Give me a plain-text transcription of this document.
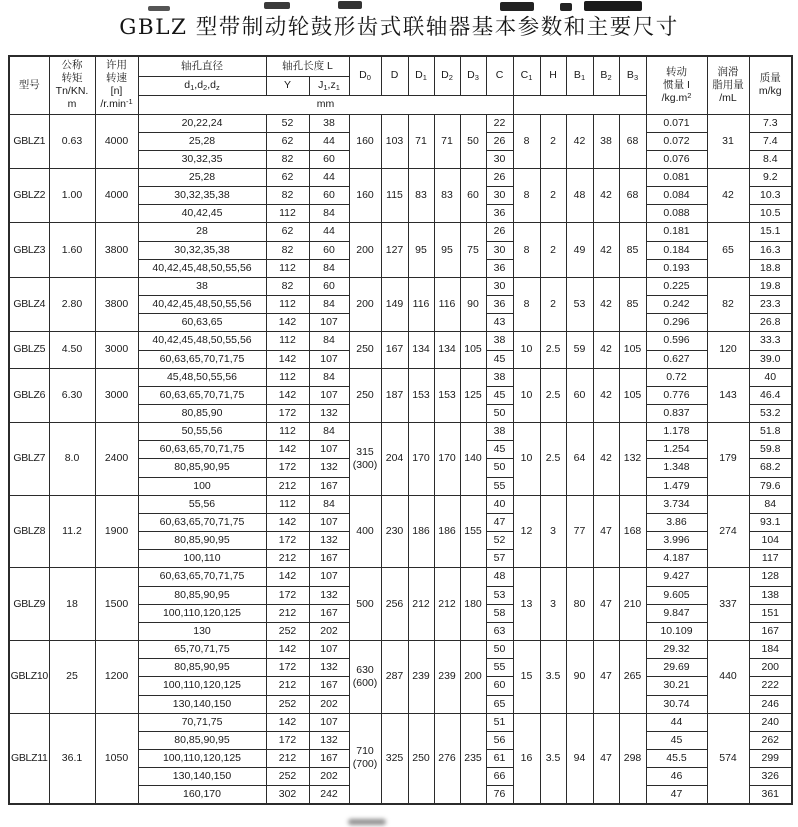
GBLZ 型带制动轮鼓形齿式联轴器基本参数和主要尺寸
型号	公称
转矩
Tn/KN.
m	许用
转速
[n]
$/r.\min^{-1}$	轴孔直径	轴孔长度 L		$D_0$	D	$D_1$	$D_2$	$D_3$	C	$C_1$	H	$B_1$	$B_2$	$B_3$	转动
惯量 I
$/kg.m^2$	润滑
脂用量
/mL	质量
m/kg
			$d_1,d_2,d_z$	Y	$J_1,z_1$
			mm																
GBLZ1	0.63	4000	20,22,24	52	38	160	103	71	71	50	22	8	2	42	38	68	0.071	31	7.3
			25,28	62	44						26						0.072		7.4
			30,32,35	82	60						30						0.076		8.4
GBLZ2	1.00	4000	25,28	62	44	160	115	83	83	60	26	8	2	48	42	68	0.081	42	9.2
			30,32,35,38	82	60						30						0.084		10.3
			40,42,45	112	84						36						0.088		10.5
GBLZ3	1.60	3800	28	62	44	200	127	95	95	75	26	8	2	49	42	85	0.181	65	15.1
			30,32,35,38	82	60						30						0.184		16.3
			40,42,45,48,50,55,56	112	84						36						0.193		18.8
GBLZ4	2.80	3800	38	82	60	200	149	116	116	90	30	8	2	53	42	85	0.225	82	19.8
			40,42,45,48,50,55,56	112	84						36						0.242		23.3
			60,63,65	142	107						43						0.296		26.8
GBLZ5	4.50	3000	40,42,45,48,50,55,56	112	84	250	167	134	134	105	38	10	2.5	59	42	105	0.596	120	33.3
			60,63,65,70,71,75	142	107						45						0.627		39.0
GBLZ6	6.30	3000	45,48,50,55,56	112	84	250	187	153	153	125	38	10	2.5	60	42	105	0.72	143	40
			60,63,65,70,71,75	142	107						45						0.776		46.4
			80,85,90	172	132						50						0.837		53.2
GBLZ7	8.0	2400	50,55,56	112	84	315
(300)	204	170	170	140	38	10	2.5	64	42	132	1.178	179	51.8
			60,63,65,70,71,75	142	107						45						1.254		59.8
			80,85,90,95	172	132						50						1.348		68.2
			100	212	167						55						1.479		79.6
GBLZ8	11.2	1900	55,56	112	84	400	230	186	186	155	40	12	3	77	47	168	3.734	274	84
			60,63,65,70,71,75	142	107						47						3.86		93.1
			80,85,90,95	172	132						52						3.996		104
			100,110	212	167						57						4.187		117
GBLZ9	18	1500	60,63,65,70,71,75	142	107	500	256	212	212	180	48	13	3	80	47	210	9.427	337	128
			80,85,90,95	172	132						53						9.605		138
			100,110,120,125	212	167						58						9.847		151
			130	252	202						63						10.109		167
GBLZ10	25	1200	65,70,71,75	142	107	630
(600)	287	239	239	200	50	15	3.5	90	47	265	29.32	440	184
			80,85,90,95	172	132						55						29.69		200
			100,110,120,125	212	167						60						30.21		222
			130,140,150	252	202						65						30.74		246
GBLZ11	36.1	1050	70,71,75	142	107	710
(700)	325	250	276	235	51	16	3.5	94	47	298	44	574	240
			80,85,90,95	172	132						56						45		262
			100,110,120,125	212	167						61						45.5		299
			130,140,150	252	202						66						46		326
			160,170	302	242						76						47		361
